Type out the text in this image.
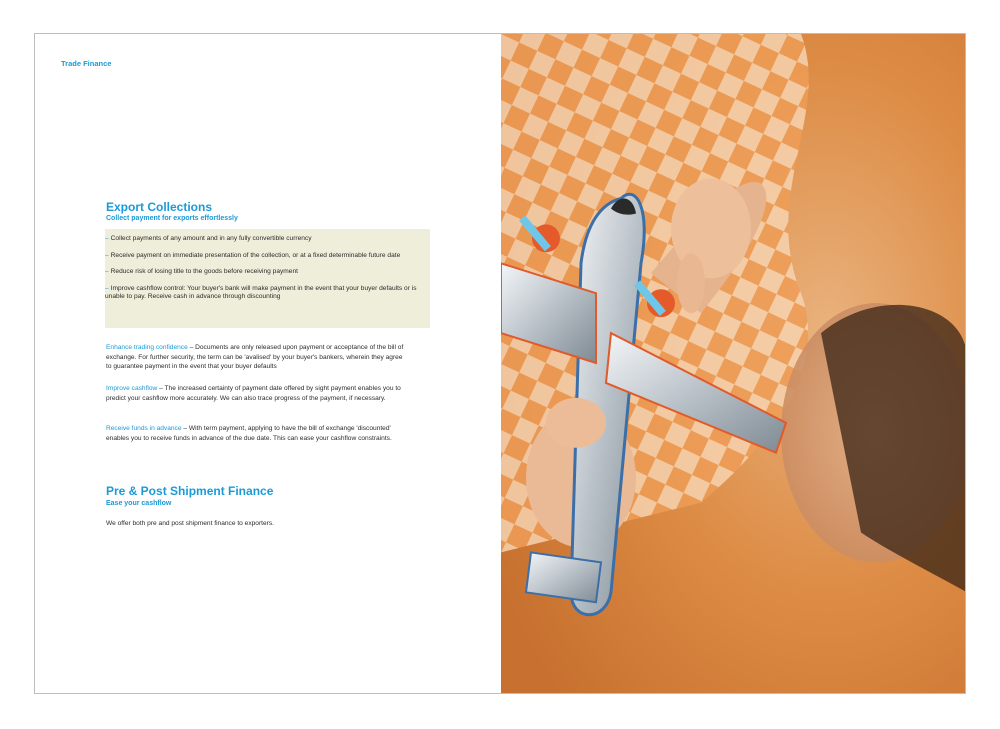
Trade Finance
Export Collections
Collect payment for exports effortlessly

– Collect payments of any amount and in any fully convertible currency

– Receive payment on immediate presentation of the collection, or at a fixed determinable future date

– Reduce risk of losing title to the goods before receiving payment

– Improve cashflow control: Your buyer's bank will make payment in the event that your buyer defaults or is unable to pay. Receive cash in advance through discounting

Enhance trading confidence – Documents are only released upon payment or acceptance of the bill of exchange. For further security, the term can be 'avalised' by your buyer's bankers, wherein they agree to guarantee payment in the event that your buyer defaults

Improve cashflow – The increased certainty of payment date offered by sight payment enables you to predict your cashflow more accurately. We can also trace progress of the payment, if necessary.

Receive funds in advance – With term payment, applying to have the bill of exchange 'discounted' enables you to receive funds in advance of the due date. This can ease your cashflow constraints.

Pre & Post Shipment Finance
Ease your cashflow

We offer both pre and post shipment finance to exporters.
